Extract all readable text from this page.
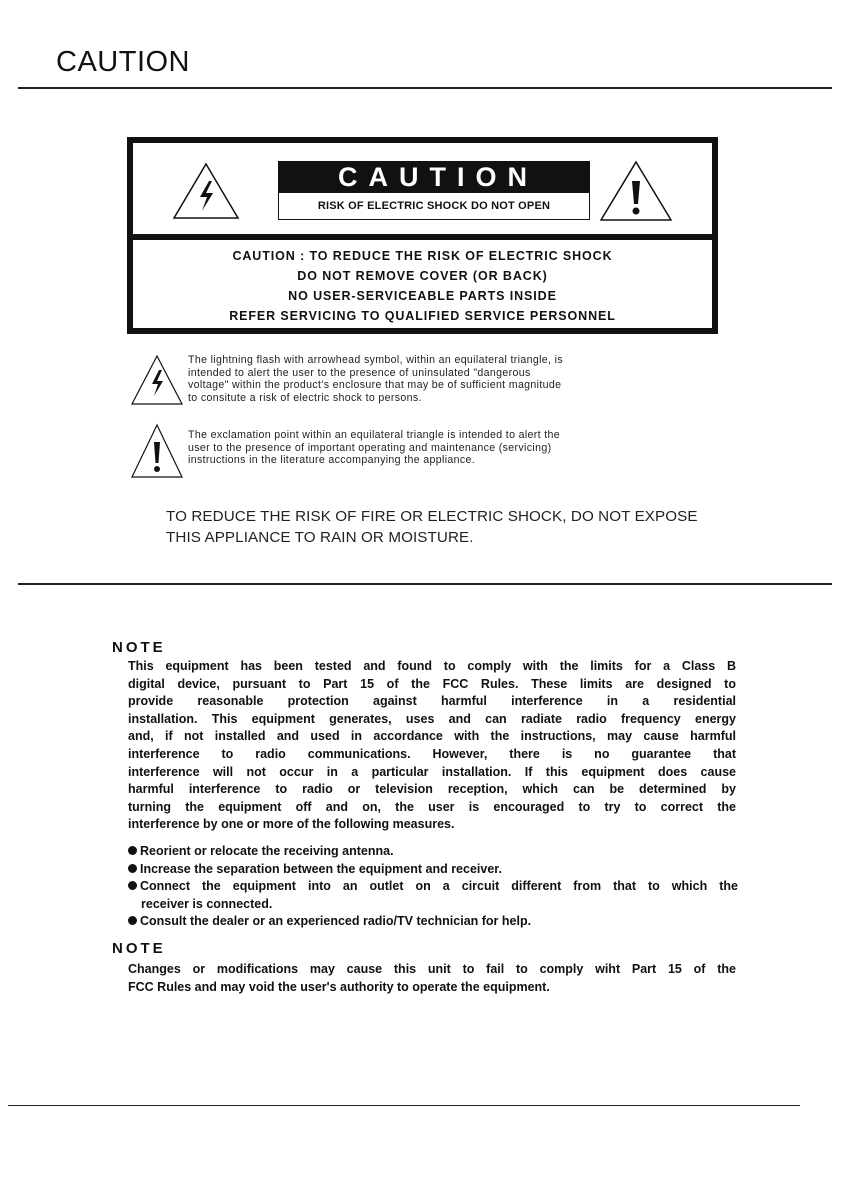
CAUTION
CAUTION
RISK OF ELECTRIC SHOCK DO NOT OPEN
CAUTION : TO REDUCE THE RISK OF ELECTRIC SHOCK
DO NOT REMOVE COVER (OR BACK)
NO USER-SERVICEABLE PARTS INSIDE
REFER SERVICING TO QUALIFIED SERVICE PERSONNEL
The lightning flash with arrowhead symbol, within an equilateral triangle, is
intended to alert the user to the presence of uninsulated "dangerous
voltage" within the product's enclosure that may be of sufficient magnitude
to consitute a risk of electric shock to persons.
The exclamation point within an equilateral triangle is intended to alert the
user to the presence of important operating and maintenance (servicing)
instructions in the literature accompanying the appliance.
TO REDUCE THE RISK OF FIRE OR ELECTRIC SHOCK, DO NOT EXPOSE
THIS APPLIANCE TO RAIN OR MOISTURE.
NOTE
This equipment has been tested and found to comply with the limits for a Class B
digital device, pursuant to Part 15 of the FCC Rules. These limits are designed to
provide reasonable protection against harmful interference in a residential
installation. This equipment generates, uses and can radiate radio frequency energy
and, if not installed and used in accordance with the instructions, may cause harmful
interference to radio communications. However, there is no guarantee that
interference will not occur in a particular installation. If this equipment does cause
harmful interference to radio or television reception, which can be determined by
turning the equipment off and on, the user is encouraged to try to correct the
interference by one or more of the following measures.
Reorient or relocate the receiving antenna.
Increase the separation between the equipment and receiver.
Connect the equipment into an outlet on a circuit different from that to which the
receiver is connected.
Consult the dealer or an experienced radio/TV technician for help.
NOTE
Changes or modifications may cause this unit to fail to comply wiht Part 15 of the
FCC Rules and may void the user's authority to operate the equipment.
